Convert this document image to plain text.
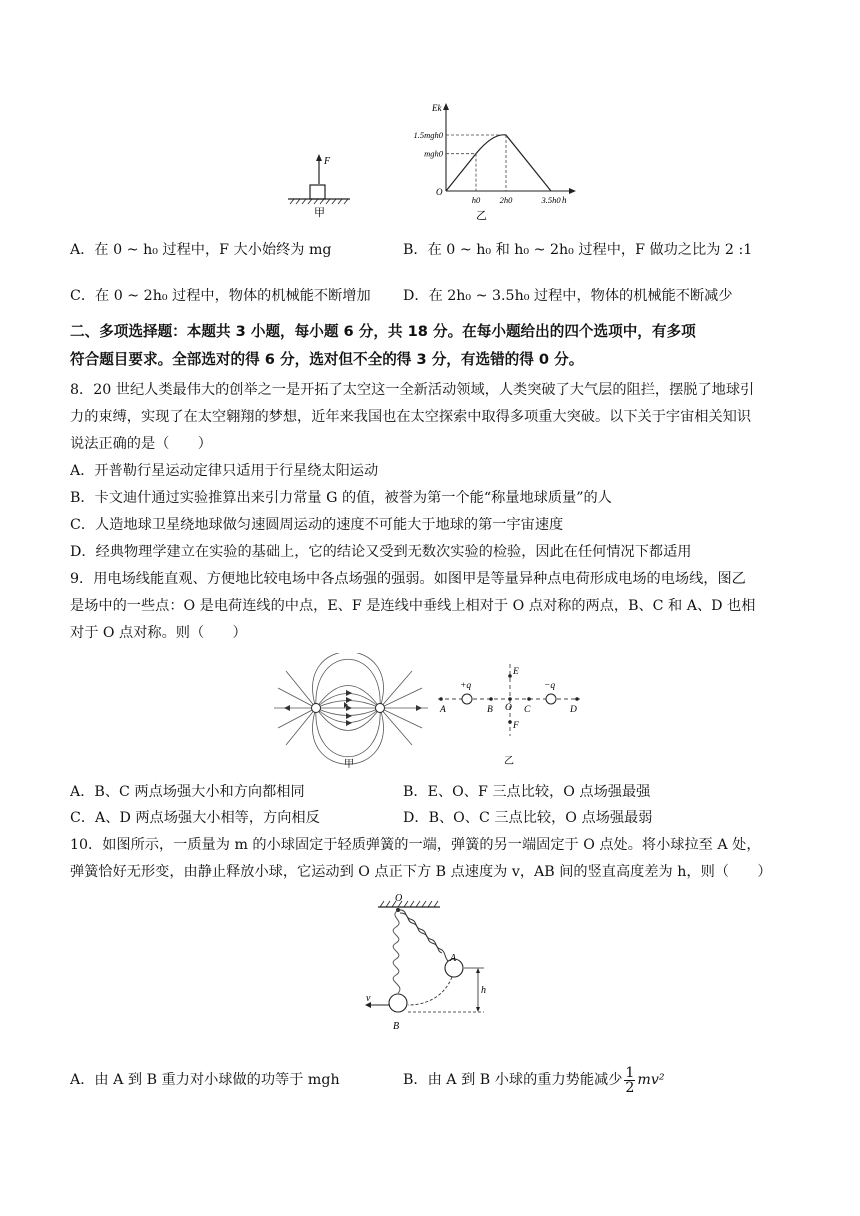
F
甲
Ek
h
O
h0 2h0	3.5h0
1.5mgh0
mgh0
乙
A．在 0 ~ h₀ 过程中，F 大小始终为 mg	B．在 0 ~ h₀ 和 h₀ ~ 2h₀ 过程中，F 做功之比为 2 :1
C．在 0 ~ 2h₀ 过程中，物体的机械能不断增加 D．在 2h₀ ~ 3.5h₀ 过程中，物体的机械能不断减少
二、多项选择题：本题共 3 小题，每小题 6 分，共 18 分。在每小题给出的四个选项中，有多项
符合题目要求。全部选对的得 6 分，选对但不全的得 3 分，有选错的得 0 分。
8．20 世纪人类最伟大的创举之一是开拓了太空这一全新活动领域，人类突破了大气层的阻拦，摆脱了地球引
力的束缚，实现了在太空翱翔的梦想，近年来我国也在太空探索中取得多项重大突破。以下关于宇宙相关知识
说法正确的是（　　）
A．开普勒行星运动定律只适用于行星绕太阳运动
B．卡文迪什通过实验推算出来引力常量 G 的值，被誉为第一个能“称量地球质量”的人
C．人造地球卫星绕地球做匀速圆周运动的速度不可能大于地球的第一宇宙速度
D．经典物理学建立在实验的基础上，它的结论又受到无数次实验的检验，因此在任何情况下都适用
9．用电场线能直观、方便地比较电场中各点场强的强弱。如图甲是等量异种点电荷形成电场的电场线，图乙
是场中的一些点：O 是电荷连线的中点，E、F 是连线中垂线上相对于 O 点对称的两点，B、C 和 A、D 也相
对于 O 点对称。则（　　）
甲
+q	−q
A	B O C	D
E
F
乙
A．B、C 两点场强大小和方向都相同	B．E、O、F 三点比较，O 点场强最强
C．A、D 两点场强大小相等，方向相反	D．B、O、C 三点比较，O 点场强最弱
10．如图所示，一质量为 m 的小球固定于轻质弹簧的一端，弹簧的另一端固定于 O 点处。将小球拉至 A 处，
弹簧恰好无形变，由静止释放小球，它运动到 O 点正下方 B 点速度为 v，AB 间的竖直高度差为 h，则（　　）
O
A
B
v
h
A．由 A 到 B 重力对小球做的功等于 mgh	B．由 A 到 B 小球的重力势能减少 $\frac{1}{2} mv^2$
